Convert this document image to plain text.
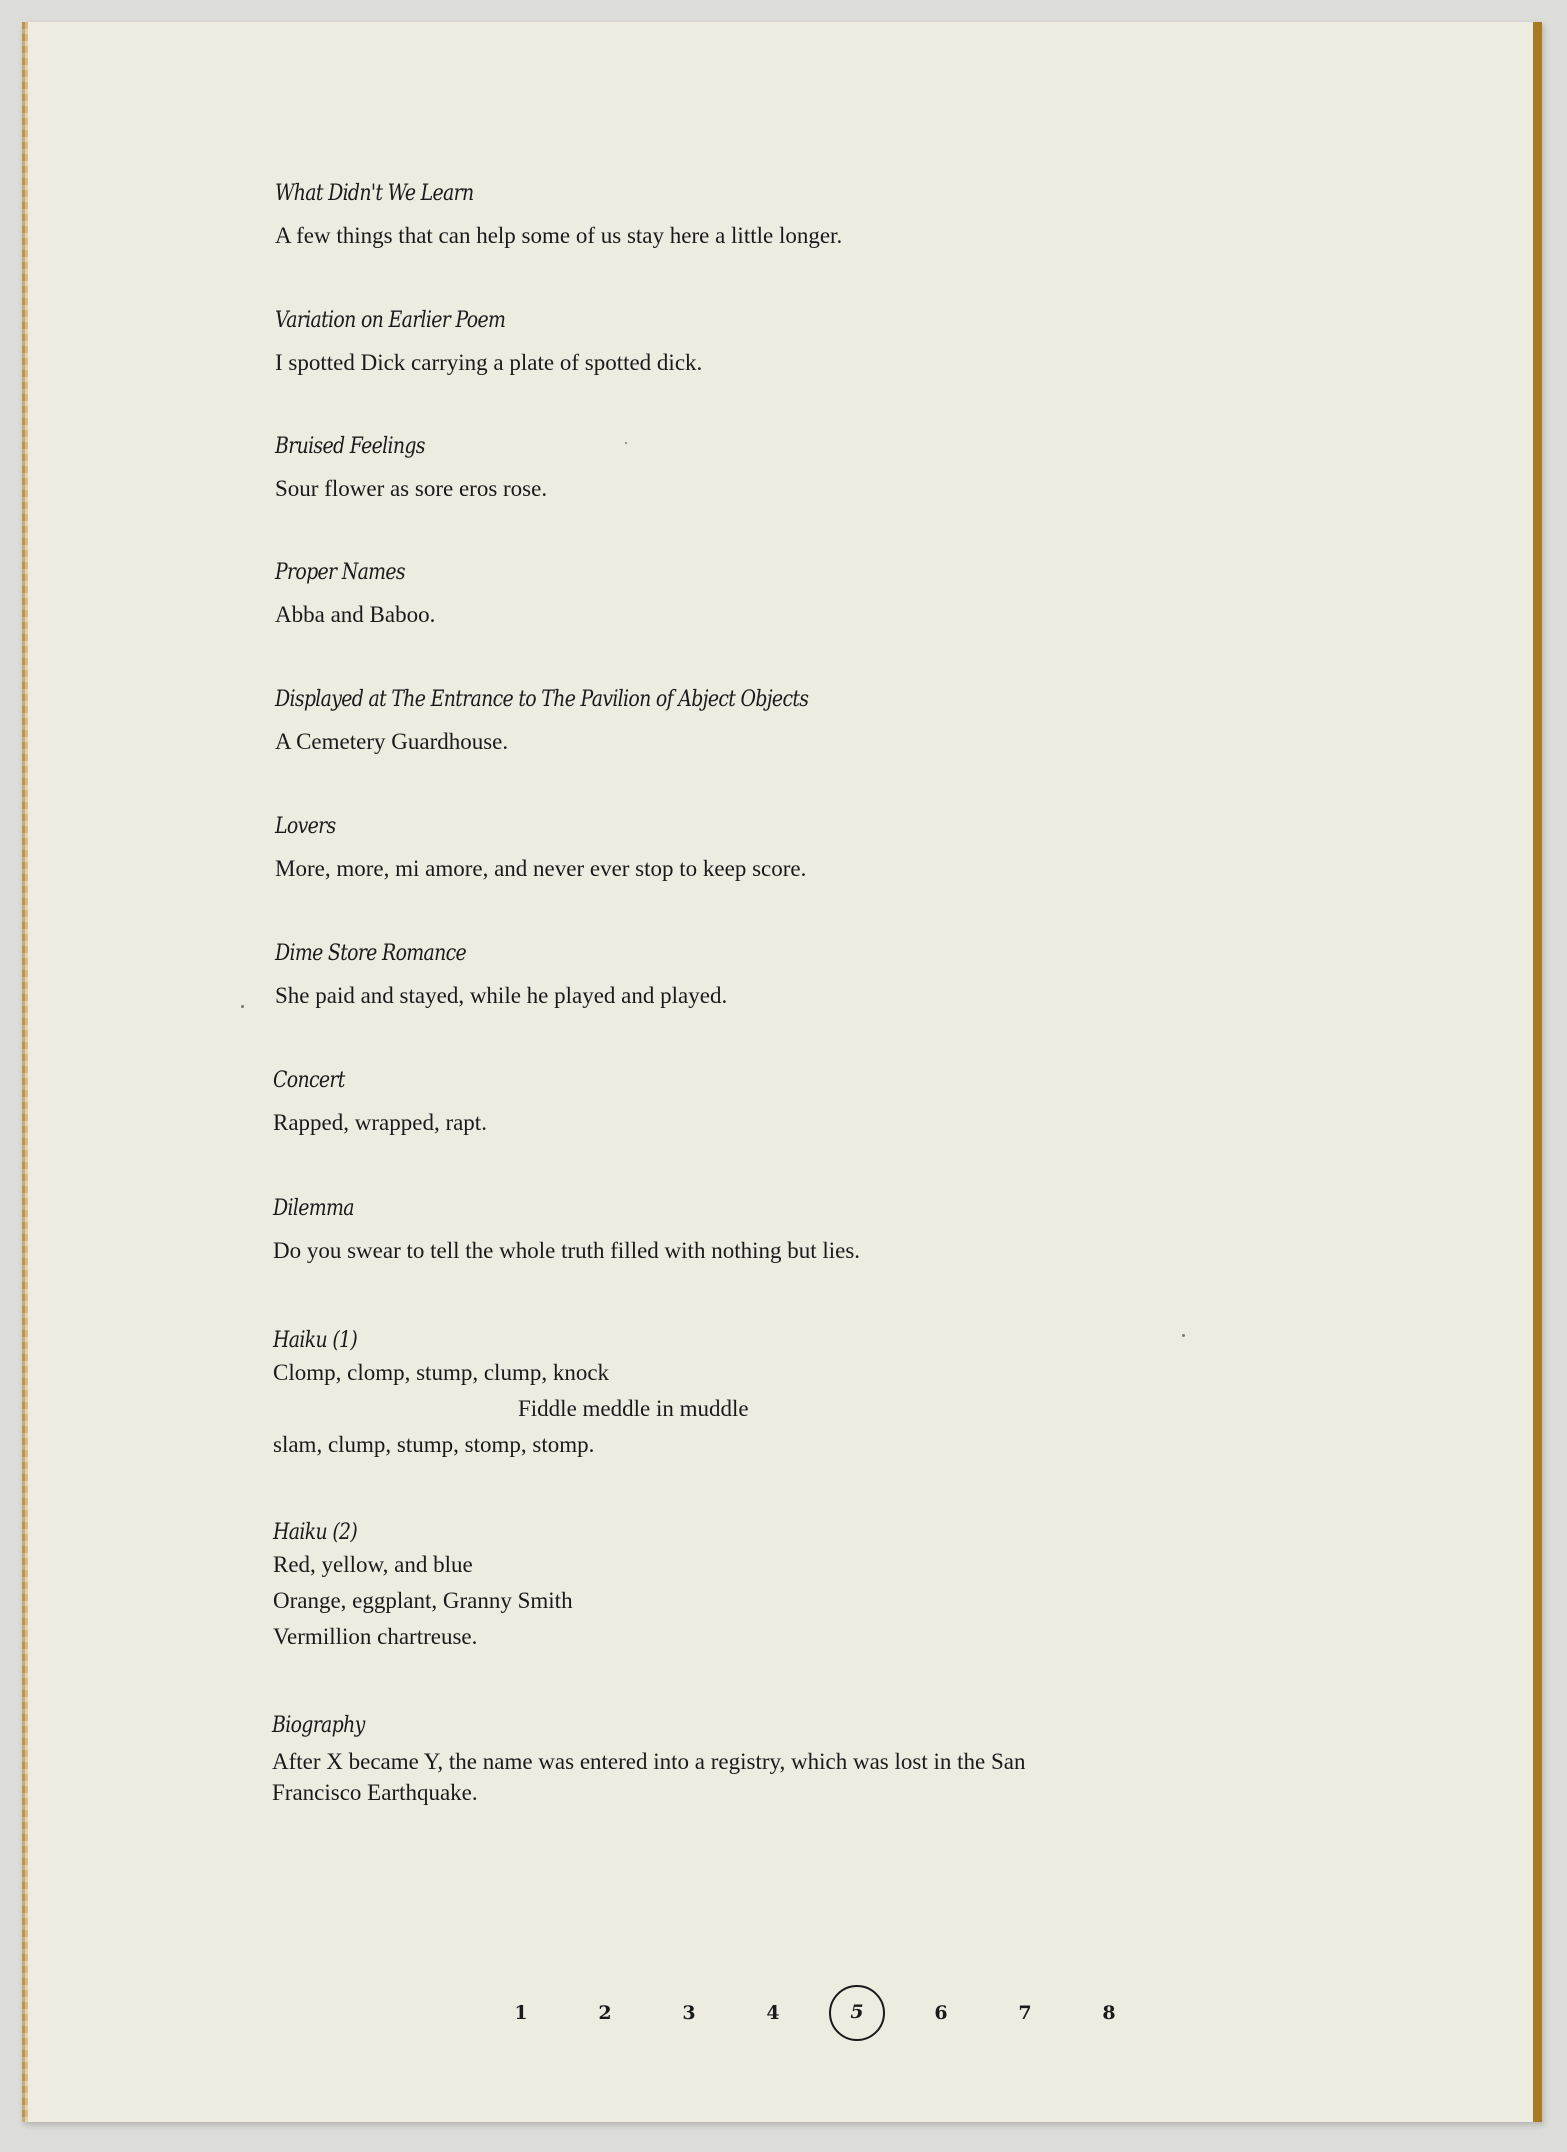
What Didn't We Learn
A few things that can help some of us stay here a little longer.
Variation on Earlier Poem
I spotted Dick carrying a plate of spotted dick.
Bruised Feelings
Sour flower as sore eros rose.
Proper Names
Abba and Baboo.
Displayed at The Entrance to The Pavilion of Abject Objects
A Cemetery Guardhouse.
Lovers
More, more, mi amore, and never ever stop to keep score.
Dime Store Romance
She paid and stayed, while he played and played.
Concert
Rapped, wrapped, rapt.
Dilemma
Do you swear to tell the whole truth filled with nothing but lies.
Haiku (1)
Clomp, clomp, stump, clump, knock
Fiddle meddle in muddle
slam, clump, stump, stomp, stomp.
Haiku (2)
Red, yellow, and blue
Orange, eggplant, Granny Smith
Vermillion chartreuse.
Biography
After X became Y, the name was entered into a registry, which was lost in the San
Francisco Earthquake.
1	2	3	4	5	6	7	8
